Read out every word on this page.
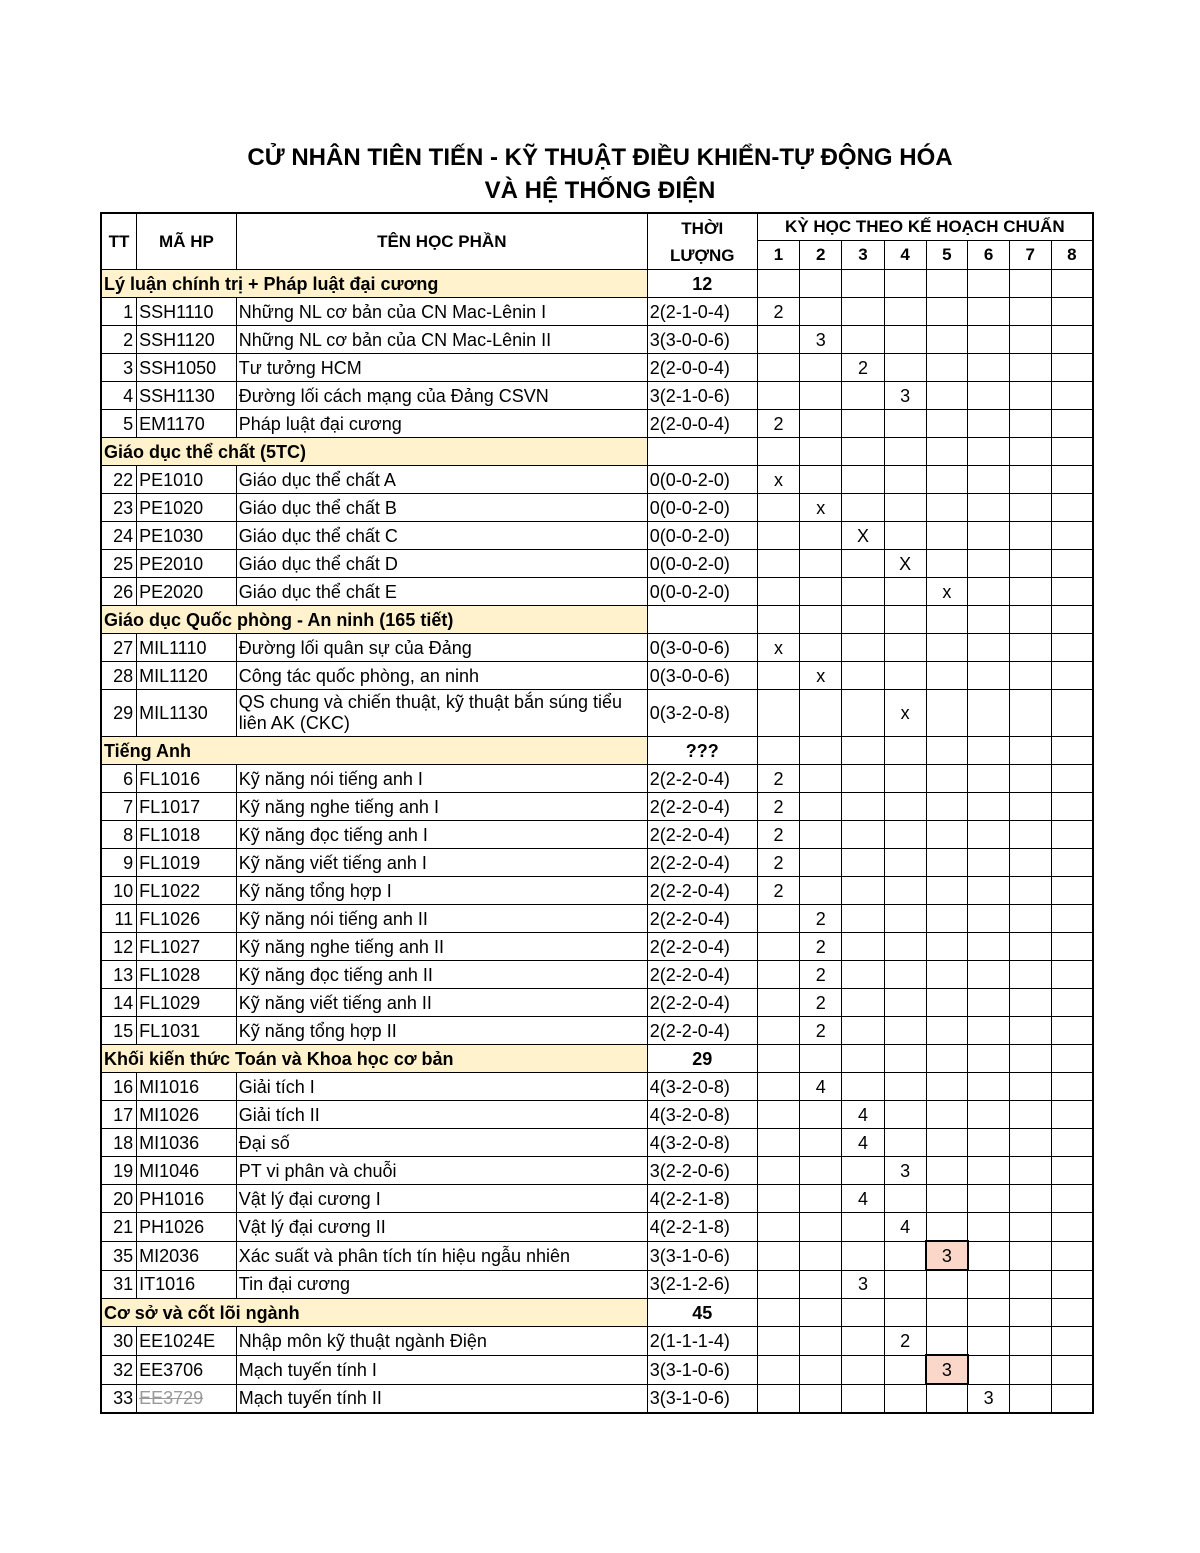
CỬ NHÂN TIÊN TIẾN - KỸ THUẬT ĐIỀU KHIỂN-TỰ ĐỘNG HÓA
VÀ HỆ THỐNG ĐIỆN
TT	MÃ HP	TÊN HỌC PHẦN	THỜI LƯỢNG	KỲ HỌC THEO KẾ HOẠCH CHUẨN							
				1	2	3	4	5	6	7	8
Lý luận chính trị + Pháp luật đại cương			12								
1	SSH1110	Những NL cơ bản của CN Mac-Lênin I	2(2-1-0-4)	2							
2	SSH1120	Những NL cơ bản của CN Mac-Lênin II	3(3-0-0-6)		3						
3	SSH1050	Tư tưởng HCM	2(2-0-0-4)			2					
4	SSH1130	Đường lối cách mạng của Đảng CSVN	3(2-1-0-6)				3				
5	EM1170	Pháp luật đại cương	2(2-0-0-4)	2							
Giáo dục thể chất (5TC)											
22	PE1010	Giáo dục thể chất A	0(0-0-2-0)	x							
23	PE1020	Giáo dục thể chất B	0(0-0-2-0)		x						
24	PE1030	Giáo dục thể chất C	0(0-0-2-0)			X					
25	PE2010	Giáo dục thể chất D	0(0-0-2-0)				X				
26	PE2020	Giáo dục thể chất E	0(0-0-2-0)					x			
Giáo dục Quốc phòng - An ninh (165 tiết)											
27	MIL1110	Đường lối quân sự của Đảng	0(3-0-0-6)	x							
28	MIL1120	Công tác quốc phòng, an ninh	0(3-0-0-6)		x						
29	MIL1130	QS chung và chiến thuật, kỹ thuật bắn súng tiểu liên AK (CKC)	0(3-2-0-8)				x				
Tiếng Anh			???								
6	FL1016	Kỹ năng nói tiếng anh I	2(2-2-0-4)	2							
7	FL1017	Kỹ năng nghe tiếng anh I	2(2-2-0-4)	2							
8	FL1018	Kỹ năng đọc tiếng anh I	2(2-2-0-4)	2							
9	FL1019	Kỹ năng viết tiếng anh I	2(2-2-0-4)	2							
10	FL1022	Kỹ năng tổng hợp I	2(2-2-0-4)	2							
11	FL1026	Kỹ năng nói tiếng anh II	2(2-2-0-4)		2						
12	FL1027	Kỹ năng nghe tiếng anh II	2(2-2-0-4)		2						
13	FL1028	Kỹ năng đọc tiếng anh II	2(2-2-0-4)		2						
14	FL1029	Kỹ năng viết tiếng anh II	2(2-2-0-4)		2						
15	FL1031	Kỹ năng tổng hợp II	2(2-2-0-4)		2						
Khối kiến thức Toán và Khoa học cơ bản			29								
16	MI1016	Giải tích I	4(3-2-0-8)		4						
17	MI1026	Giải tích II	4(3-2-0-8)			4					
18	MI1036	Đại số	4(3-2-0-8)			4					
19	MI1046	PT vi phân và chuỗi	3(2-2-0-6)				3				
20	PH1016	Vật lý đại cương I	4(2-2-1-8)			4					
21	PH1026	Vật lý đại cương II	4(2-2-1-8)				4				
35	MI2036	Xác suất và phân tích tín hiệu ngẫu nhiên	3(3-1-0-6)					3			
31	IT1016	Tin đại cương	3(2-1-2-6)			3					
Cơ sở và cốt lõi ngành			45								
30	EE1024E	Nhập môn kỹ thuật ngành Điện	2(1-1-1-4)				2				
32	EE3706	Mạch tuyến tính I	3(3-1-0-6)					3			
33	EE3729	Mạch tuyến tính II	3(3-1-0-6)						3		
